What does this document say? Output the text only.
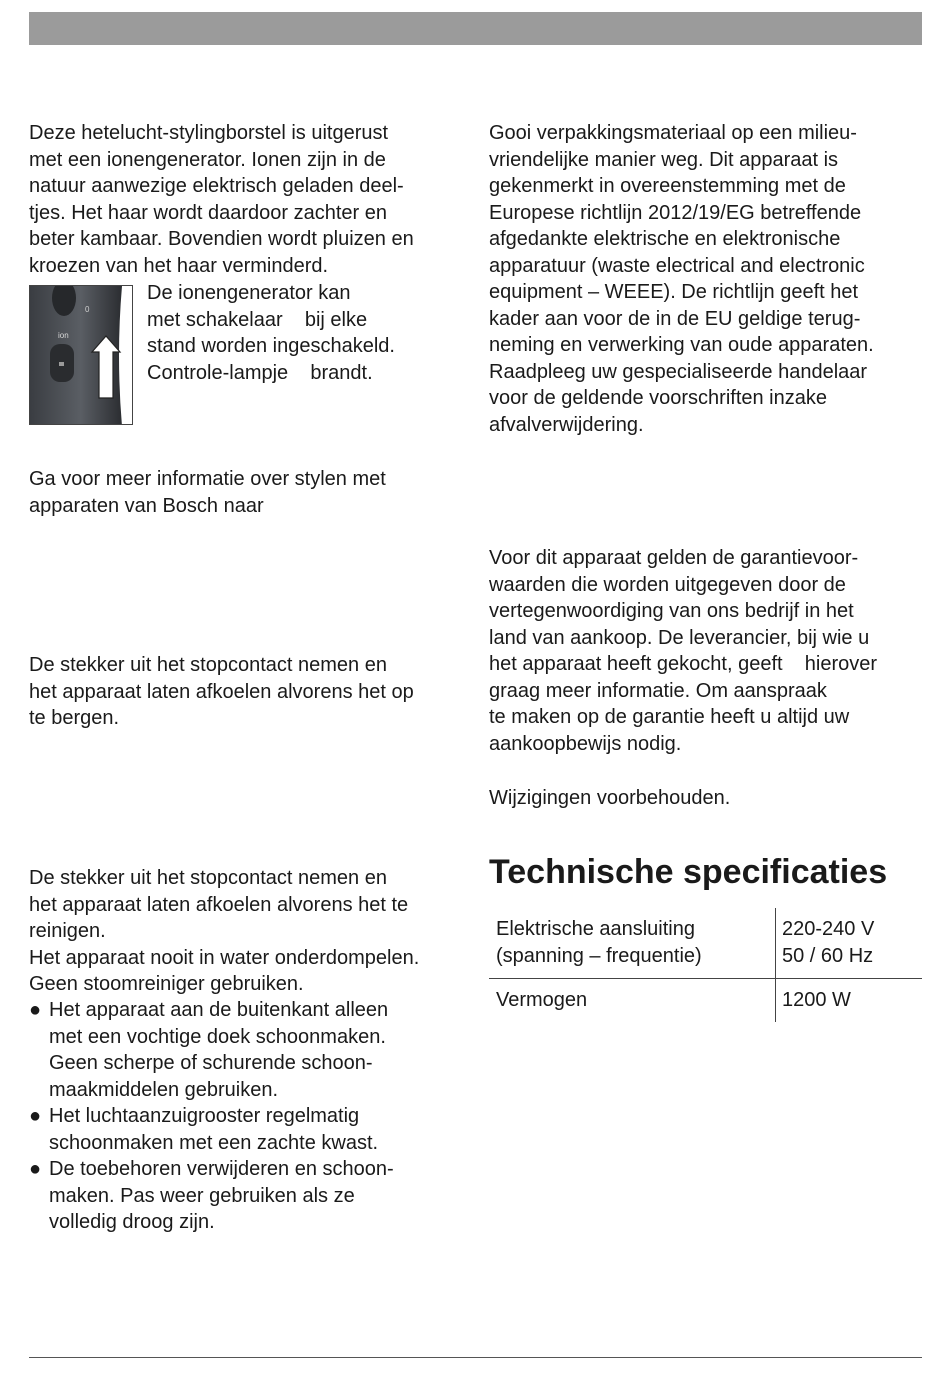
Deze hetelucht-stylingborstel is uitgerust
met een ionengenerator. Ionen zijn in de
natuur aanwezige elektrisch geladen deel-
tjes. Het haar wordt daardoor zachter en
beter kambaar. Bovendien wordt pluizen en
kroezen van het haar verminderd.

0
ion

De ionengenerator kan
met schakelaar    bij elke
stand worden ingeschakeld.
Controle-lampje    brandt.

Ga voor meer informatie over stylen met
apparaten van Bosch naar

De stekker uit het stopcontact nemen en
het apparaat laten afkoelen alvorens het op
te bergen.

De stekker uit het stopcontact nemen en
het apparaat laten afkoelen alvorens het te
reinigen.
Het apparaat nooit in water onderdompelen.
Geen stoomreiniger gebruiken.

● Het apparaat aan de buitenkant alleen
met een vochtige doek schoonmaken.
Geen scherpe of schurende schoon-
maakmiddelen gebruiken.
● Het luchtaanzuigrooster regelmatig
schoonmaken met een zachte kwast.
● De toebehoren verwijderen en schoon-
maken. Pas weer gebruiken als ze
volledig droog zijn.

Gooi verpakkingsmateriaal op een milieu-
vriendelijke manier weg. Dit apparaat is
gekenmerkt in overeenstemming met de
Europese richtlijn 2012/19/EG betreffende
afgedankte elektrische en elektronische
apparatuur (waste electrical and electronic
equipment – WEEE). De richtlijn geeft het
kader aan voor de in de EU geldige terug-
neming en verwerking van oude apparaten.
Raadpleeg uw gespecialiseerde handelaar
voor de geldende voorschriften inzake
afvalverwijdering.

Voor dit apparaat gelden de garantievoor-
waarden die worden uitgegeven door de
vertegenwoordiging van ons bedrijf in het
land van aankoop. De leverancier, bij wie u
het apparaat heeft gekocht, geeft    hierover
graag meer informatie. Om aanspraak
te maken op de garantie heeft u altijd uw
aankoopbewijs nodig.

Wijzigingen voorbehouden.

Technische specificaties
Elektrische aansluiting
(spanning – frequentie)
220-240 V
50 / 60 Hz
Vermogen	1200 W
